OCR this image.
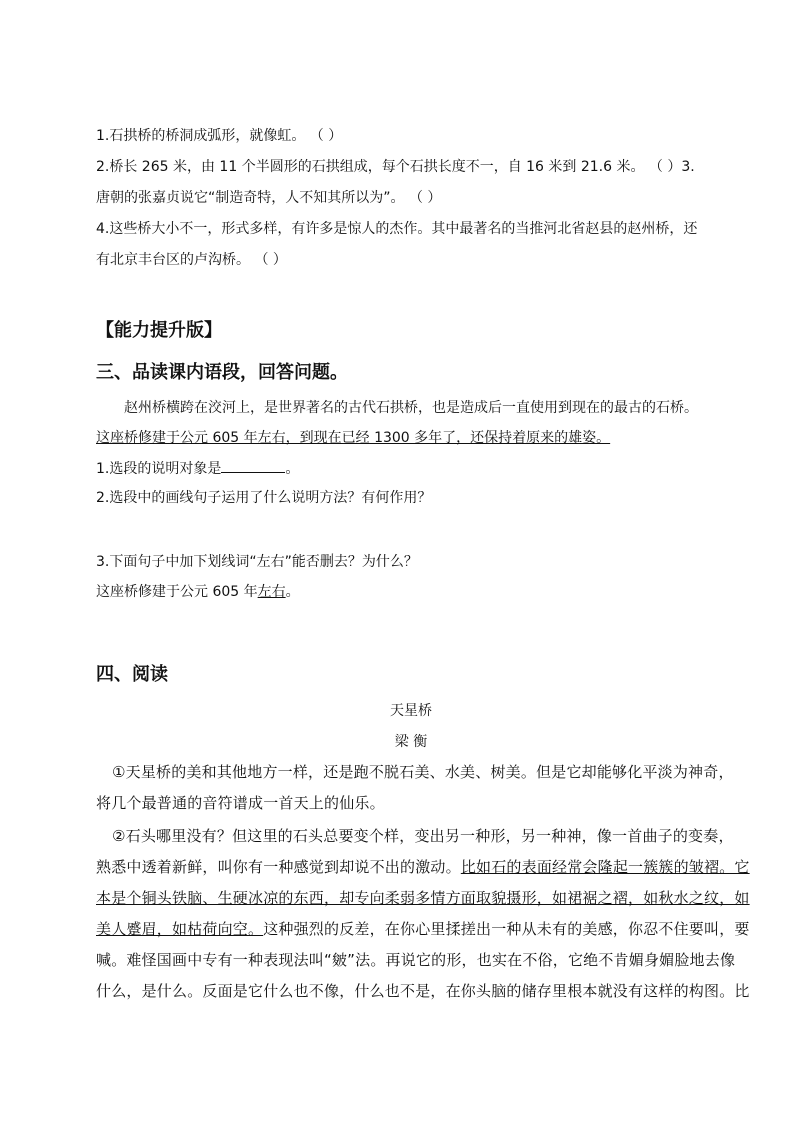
1.石拱桥的桥洞成弧形，就像虹。 （ ）
2.桥长 265 米，由 11 个半圆形的石拱组成，每个石拱长度不一，自 16 米到 21.6 米。 （ ）3.
唐朝的张嘉贞说它“制造奇特，人不知其所以为”。 （ ）
4.这些桥大小不一，形式多样，有许多是惊人的杰作。其中最著名的当推河北省赵县的赵州桥，还
有北京丰台区的卢沟桥。 （ ）
【能力提升版】
三、品读课内语段，回答问题。
赵州桥横跨在洨河上，是世界著名的古代石拱桥，也是造成后一直使用到现在的最古的石桥。
这座桥修建于公元 605 年左右，到现在已经 1300 多年了，还保持着原来的雄姿。
1.选段的说明对象是	。
2.选段中的画线句子运用了什么说明方法？有何作用？
3.下面句子中加下划线词“左右”能否删去？为什么？
这座桥修建于公元 605 年左右。
四、阅读
天星桥
梁 衡
①天星桥的美和其他地方一样，还是跑不脱石美、水美、树美。但是它却能够化平淡为神奇，
将几个最普通的音符谱成一首天上的仙乐。
②石头哪里没有？但这里的石头总要变个样，变出另一种形，另一种神，像一首曲子的变奏，
熟悉中透着新鲜，叫你有一种感觉到却说不出的激动。比如石的表面经常会隆起一簇簇的皱褶。它
本是个铜头铁脑、生硬冰凉的东西，却专向柔弱多情方面取貌摄形，如裙裾之褶，如秋水之纹，如
美人蹙眉，如枯荷向空。这种强烈的反差，在你心里揉搓出一种从未有的美感，你忍不住要叫，要
喊。难怪国画中专有一种表现法叫“皴”法。再说它的形，也实在不俗，它绝不肯媚身媚脸地去像
什么，是什么。反面是它什么也不像，什么也不是，在你头脑的储存里根本就没有这样的构图。比
